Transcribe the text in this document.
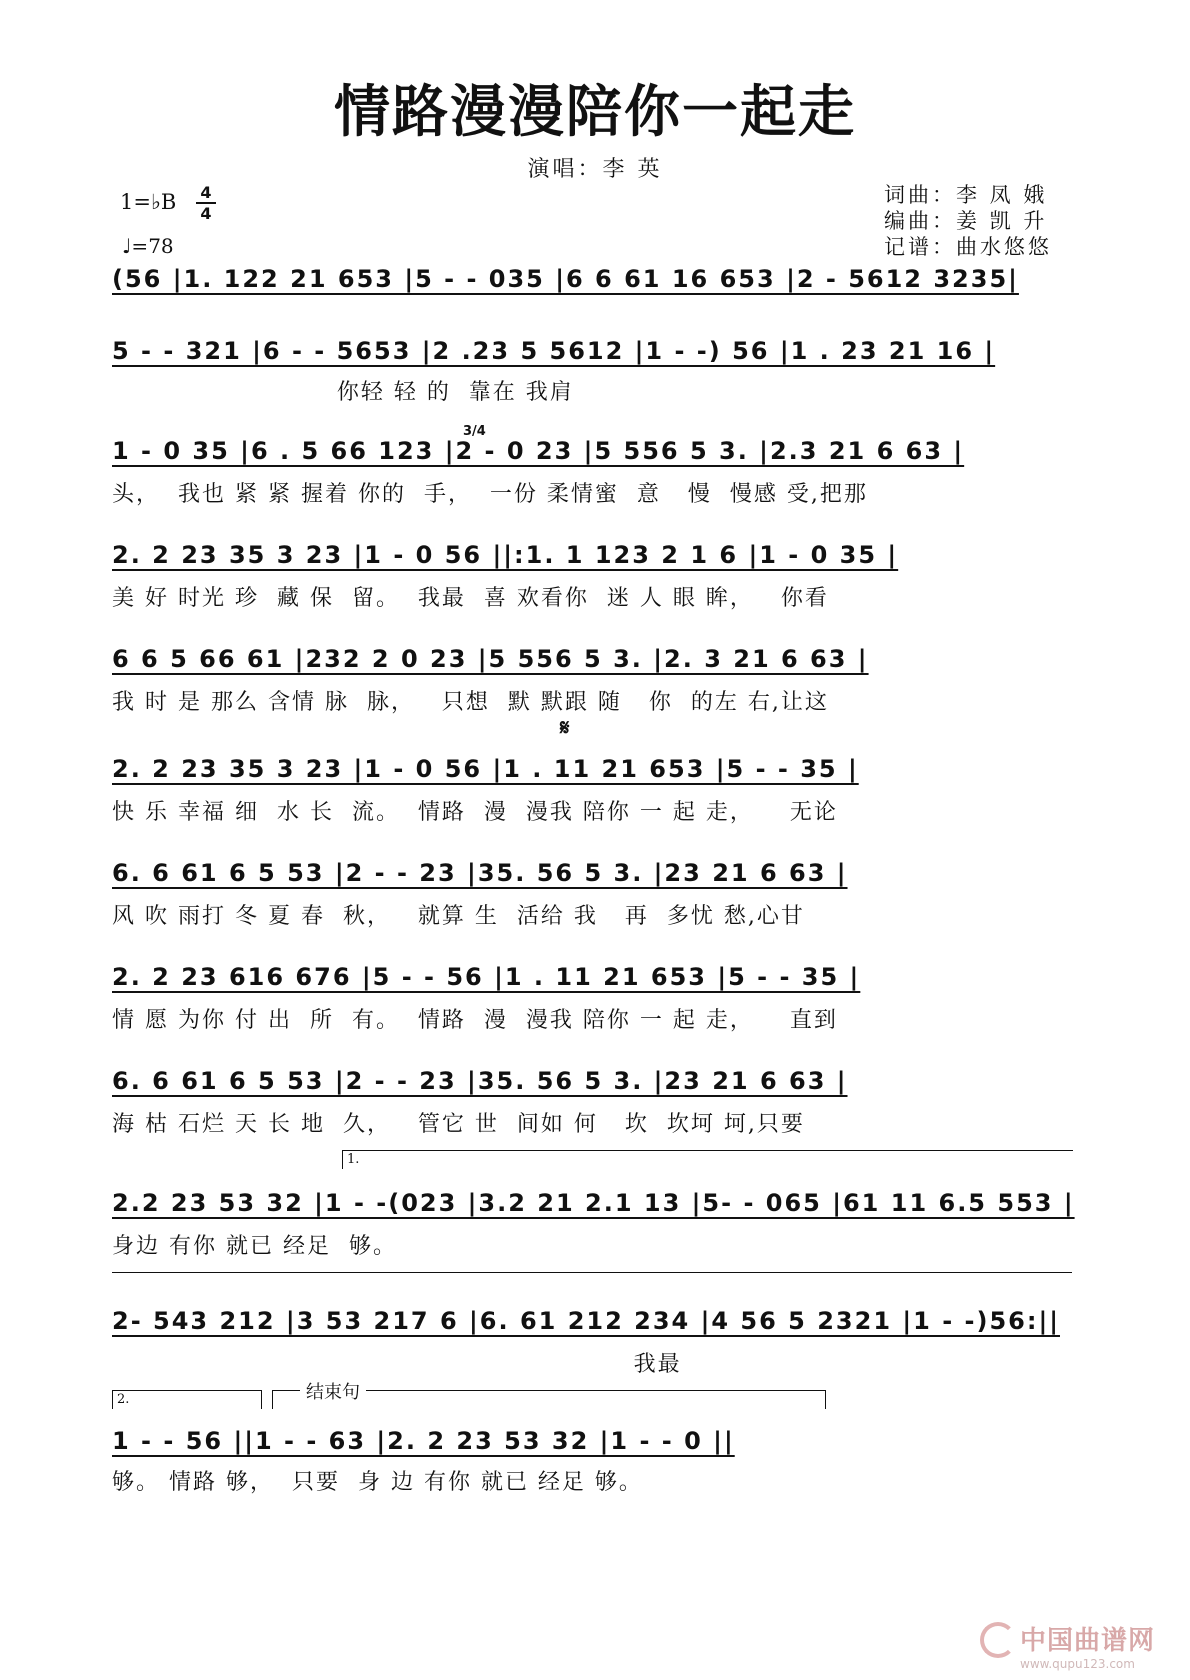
情路漫漫陪你一起走
演唱：李 英
1=♭B 4
4
♩=78
词曲：李 凤 娥
编曲：姜 凯 升
记谱：曲水悠悠
(56 |1. 122 21 653 |5 - - 035 |6 6 61 16 653 |2 - 5612 3235|
5 - - 321 |6 - - 5653 |2 .23 5 5612 |1 - -) 56 |1 . 23 21 16 |
你轻 轻 的  靠在 我肩
1 - 0 35 |6 . 5 66 123 |2 - 0 23 |5 556 5 3. |2.3 21 6 63 |
头，  我也 紧 紧 握着 你的  手，  一份 柔情蜜  意   慢  慢感 受,把那
3/4
2. 2 23 35 3 23 |1 - 0 56 ||:1. 1 123 2 1 6 |1 - 0 35 |
美 好 时光 珍  藏 保  留。  我最  喜 欢看你  迷 人 眼 眸，   你看
6 6 5 66 61 |232 2 0 23 |5 556 5 3. |2. 3 21 6 63 |
我 时 是 那么 含情 脉  脉，   只想  默 默跟 随   你  的左 右,让这
𝄋
2. 2 23 35 3 23 |1 - 0 56 |1 . 11 21 653 |5 - - 35 |
快 乐 幸福 细  水 长  流。  情路  漫  漫我 陪你 一 起 走，    无论
6. 6 61 6 5 53 |2 - - 23 |35. 56 5 3. |23 21 6 63 |
风 吹 雨打 冬 夏 春  秋，   就算 生  活给 我   再  多忧 愁,心甘
2. 2 23 616 676 |5 - - 56 |1 . 11 21 653 |5 - - 35 |
情 愿 为你 付 出  所  有。  情路  漫  漫我 陪你 一 起 走，    直到
6. 6 61 6 5 53 |2 - - 23 |35. 56 5 3. |23 21 6 63 |
海 枯 石烂 天 长 地  久，   管它 世  间如 何   坎  坎坷 坷,只要
1.
2.2 23 53 32 |1 - -(023 |3.2 21 2.1 13 |5- - 065 |61 11 6.5 553 |
身边 有你 就已 经足  够。
2- 543 212 |3 53 217 6 |6. 61 212 234 |4 56 5 2321 |1 - -)56:||
我最
2.	结束句
1 - - 56 ||1 - - 63 |2. 2 23 53 32 |1 - - 0 ||
够。 情路 够，  只要  身 边 有你 就已 经足 够。
中国曲谱网
www.qupu123.com
